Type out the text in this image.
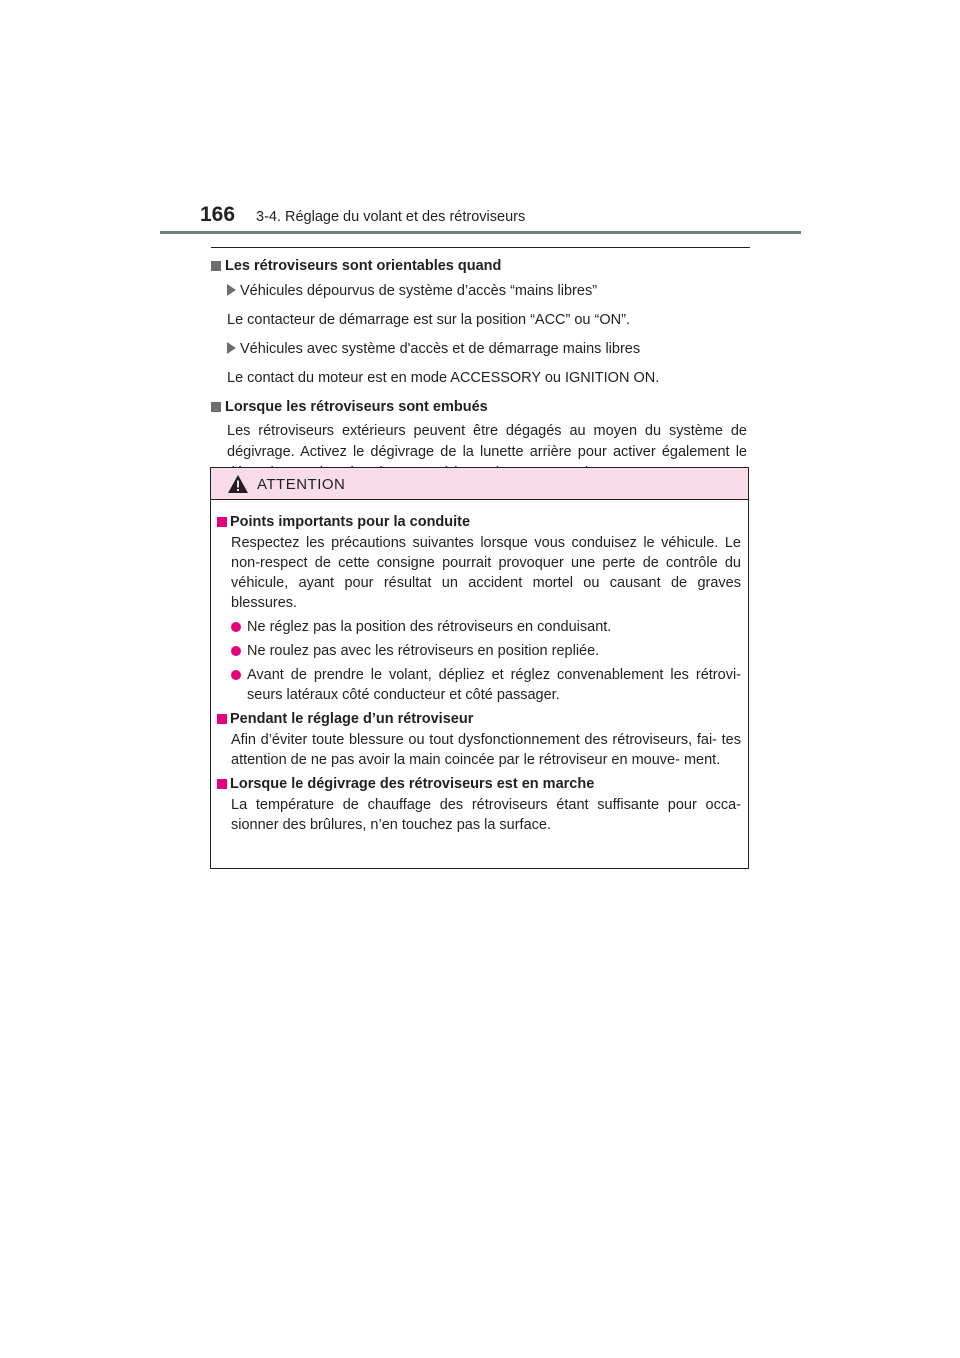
166 3-4. Réglage du volant et des rétroviseurs
Les rétroviseurs sont orientables quand
Véhicules dépourvus de système d’accès “mains libres”
Le contacteur de démarrage est sur la position “ACC” ou “ON”.
Véhicules avec système d'accès et de démarrage mains libres
Le contact du moteur est en mode ACCESSORY ou IGNITION ON.
Lorsque les rétroviseurs sont embués
Les rétroviseurs extérieurs peuvent être dégagés au moyen du système de dégivrage. Activez le dégivrage de la lunette arrière pour activer également le
ATTENTION
Points importants pour la conduite
Respectez les précautions suivantes lorsque vous conduisez le véhicule. Le non-respect de cette consigne pourrait provoquer une perte de contrôle du véhicule, ayant pour résultat un accident mortel ou causant de graves blessures.
Ne réglez pas la position des rétroviseurs en conduisant.
Ne roulez pas avec les rétroviseurs en position repliée.
Avant de prendre le volant, dépliez et réglez convenablement les rétrovi- seurs latéraux côté conducteur et côté passager.
Pendant le réglage d’un rétroviseur
Afin d’éviter toute blessure ou tout dysfonctionnement des rétroviseurs, fai- tes attention de ne pas avoir la main coincée par le rétroviseur en mouve- ment.
Lorsque le dégivrage des rétroviseurs est en marche
La température de chauffage des rétroviseurs étant suffisante pour occa- sionner des brûlures, n’en touchez pas la surface.
